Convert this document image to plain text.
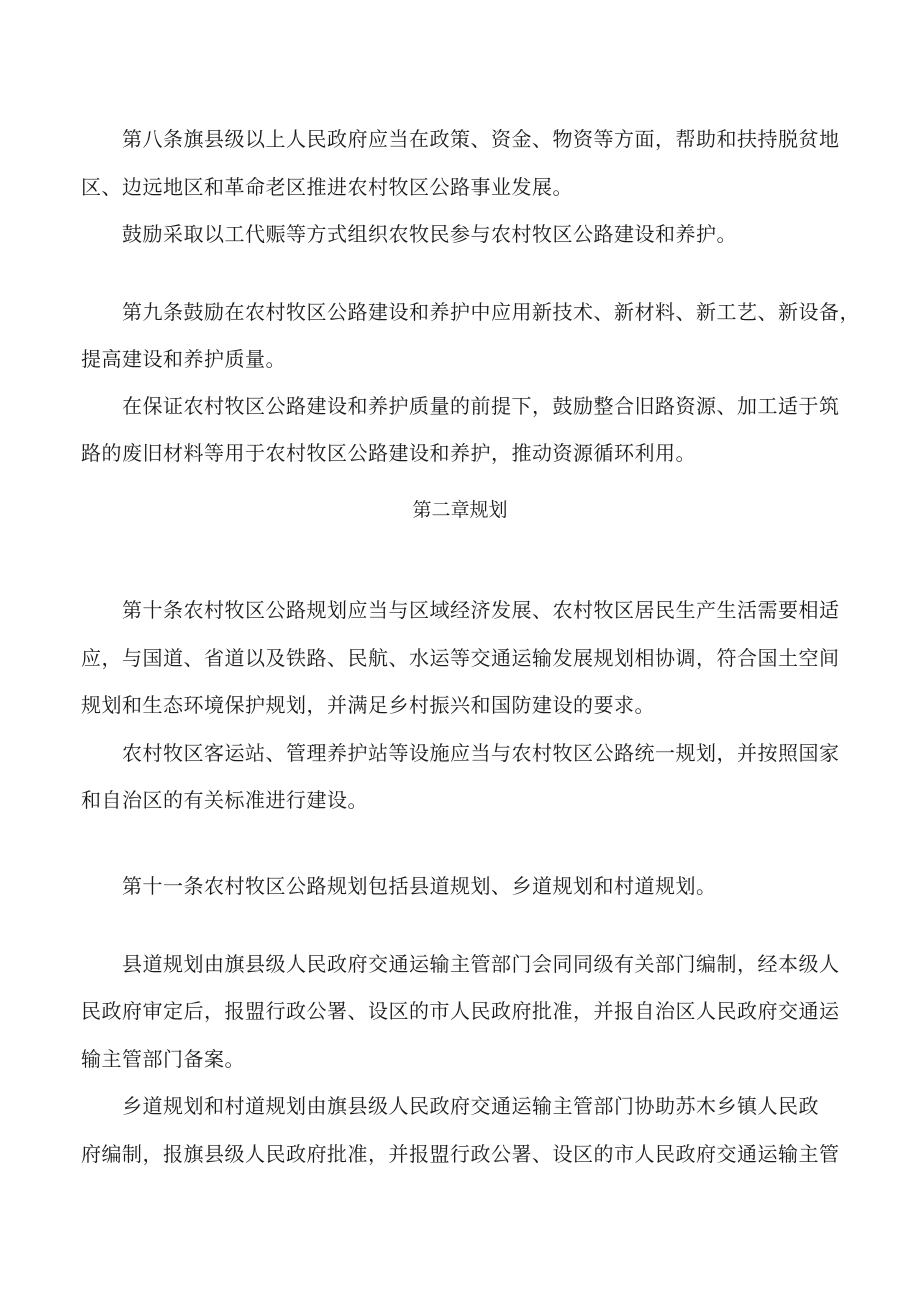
第八条旗县级以上人民政府应当在政策、资金、物资等方面，帮助和扶持脱贫地
区、边远地区和革命老区推进农村牧区公路事业发展。
鼓励采取以工代赈等方式组织农牧民参与农村牧区公路建设和养护。
第九条鼓励在农村牧区公路建设和养护中应用新技术、新材料、新工艺、新设备，
提高建设和养护质量。
在保证农村牧区公路建设和养护质量的前提下，鼓励整合旧路资源、加工适于筑
路的废旧材料等用于农村牧区公路建设和养护，推动资源循环利用。
第二章规划
第十条农村牧区公路规划应当与区域经济发展、农村牧区居民生产生活需要相适
应，与国道、省道以及铁路、民航、水运等交通运输发展规划相协调，符合国土空间
规划和生态环境保护规划，并满足乡村振兴和国防建设的要求。
农村牧区客运站、管理养护站等设施应当与农村牧区公路统一规划，并按照国家
和自治区的有关标准进行建设。
第十一条农村牧区公路规划包括县道规划、乡道规划和村道规划。
县道规划由旗县级人民政府交通运输主管部门会同同级有关部门编制，经本级人
民政府审定后，报盟行政公署、设区的市人民政府批准，并报自治区人民政府交通运
输主管部门备案。
乡道规划和村道规划由旗县级人民政府交通运输主管部门协助苏木乡镇人民政
府编制，报旗县级人民政府批准，并报盟行政公署、设区的市人民政府交通运输主管
